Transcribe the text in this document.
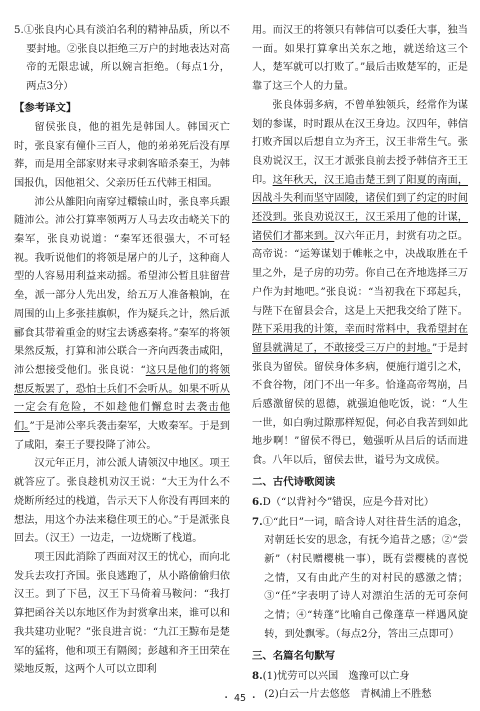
5.①张良内心具有淡泊名利的精神品质，所以不要封地。②张良以拒绝三万户的封地表达对高帝的无限忠诚，所以婉言拒绝。（每点1分，两点3分）

【参考译文】

留侯张良，他的祖先是韩国人。韩国灭亡时，张良家有僮仆三百人，他的弟弟死后没有厚葬，而是用全部家财来寻求刺客暗杀秦王，为韩国报仇，因他祖父、父亲历任五代韩王相国。

沛公从雒阳向南穿过轘辕山时，张良率兵跟随沛公。沛公打算率领两万人马去攻击峣关下的秦军，张良劝说道：“秦军还很强大，不可轻视。我听说他们的将领是屠户的儿子，这种商人型的人容易用利益来动摇。希望沛公暂且驻留营垒，派一部分人先出发，给五万人准备粮饷，在周围的山上多张挂旗帜，作为疑兵之计，然后派郦食其带着重金的财宝去诱惑秦将。”秦军的将领果然反叛，打算和沛公联合一齐向西袭击咸阳，沛公想接受他们。张良说：“这只是他们的将领想反叛罢了，恐怕士兵们不会听从。如果不听从一定会有危险，不如趁他们懈怠时去袭击他们。”于是沛公率兵袭击秦军，大败秦军。于是到了咸阳，秦王子婴投降了沛公。

汉元年正月，沛公派人请领汉中地区。项王就答应了。张良趁机劝汉王说：“大王为什么不烧断所经过的栈道，告示天下人你没有再回来的想法，用这个办法来稳住项王的心。”于是派张良回去。（汉王）一边走，一边烧断了栈道。

项王因此消除了西面对汉王的忧心，而向北发兵去攻打齐国。张良逃跑了，从小路偷偷归依汉王。到了下邑，汉王下马倚着马鞍问：“我打算把函谷关以东地区作为封赏拿出来，谁可以和我共建功业呢？”张良进言说：“九江王黥布是楚军的猛将，他和项王有隔阂；彭越和齐王田荣在梁地反叛，这两个人可以立即利

用。而汉王的将领只有韩信可以委任大事，独当一面。如果打算拿出关东之地，就送给这三个人，楚军就可以打败了。”最后击败楚军的，正是靠了这三个人的力量。

张良体弱多病，不曾单独领兵，经常作为谋划的参谋，时时跟从在汉王身边。汉四年，韩信打败齐国以后想自立为齐王，汉王非常生气。张良劝说汉王，汉王才派张良前去授予韩信齐王王印。这年秋天，汉王追击楚王到了阳夏的南面，因战斗失利而坚守固陵，诸侯们到了约定的时间还没到。张良劝说汉王，汉王采用了他的计谋，诸侯们才都来到。汉六年正月，封赏有功之臣。高帝说：“运筹谋划于帷帐之中，决战取胜在千里之外，是子房的功劳。你自己在齐地选择三万户作为封地吧。”张良说：“当初我在下邳起兵，与陛下在留县会合，这是上天把我交给了陛下。陛下采用我的计策，幸而时常料中，我希望封在留县就满足了，不敢接受三万户的封地。”于是封张良为留侯。留侯身体多病，便施行道引之术，不食谷物，闭门不出一年多。恰逢高帝驾崩，吕后感激留侯的恩德，就强迫他吃饭，说：“人生一世，如白驹过隙那样短促，何必自我苦到如此地步啊！”留侯不得已，勉强听从吕后的话而进食。八年以后，留侯去世，谥号为文成侯。

二、古代诗歌阅读

6.D（“以背衬今”错误，应是今昔对比）

7.①“此日”一词，暗含诗人对往昔生活的追念，对朝廷长安的思念，有抚今追昔之感；②“尝新”（村民赠樱桃一事），既有尝樱桃的喜悦之情，又有由此产生的对村民的感激之情；③“任”字表明了诗人对漂泊生活的无可奈何之情；④“转蓬”比喻自己像蓬草一样遇风旋转，到处飘零。（每点2分，答出三点即可）

三、名篇名句默写

8.(1)忧劳可以兴国　逸豫可以亡身

(2)白云一片去悠悠　青枫浦上不胜愁

・ 45 ・
